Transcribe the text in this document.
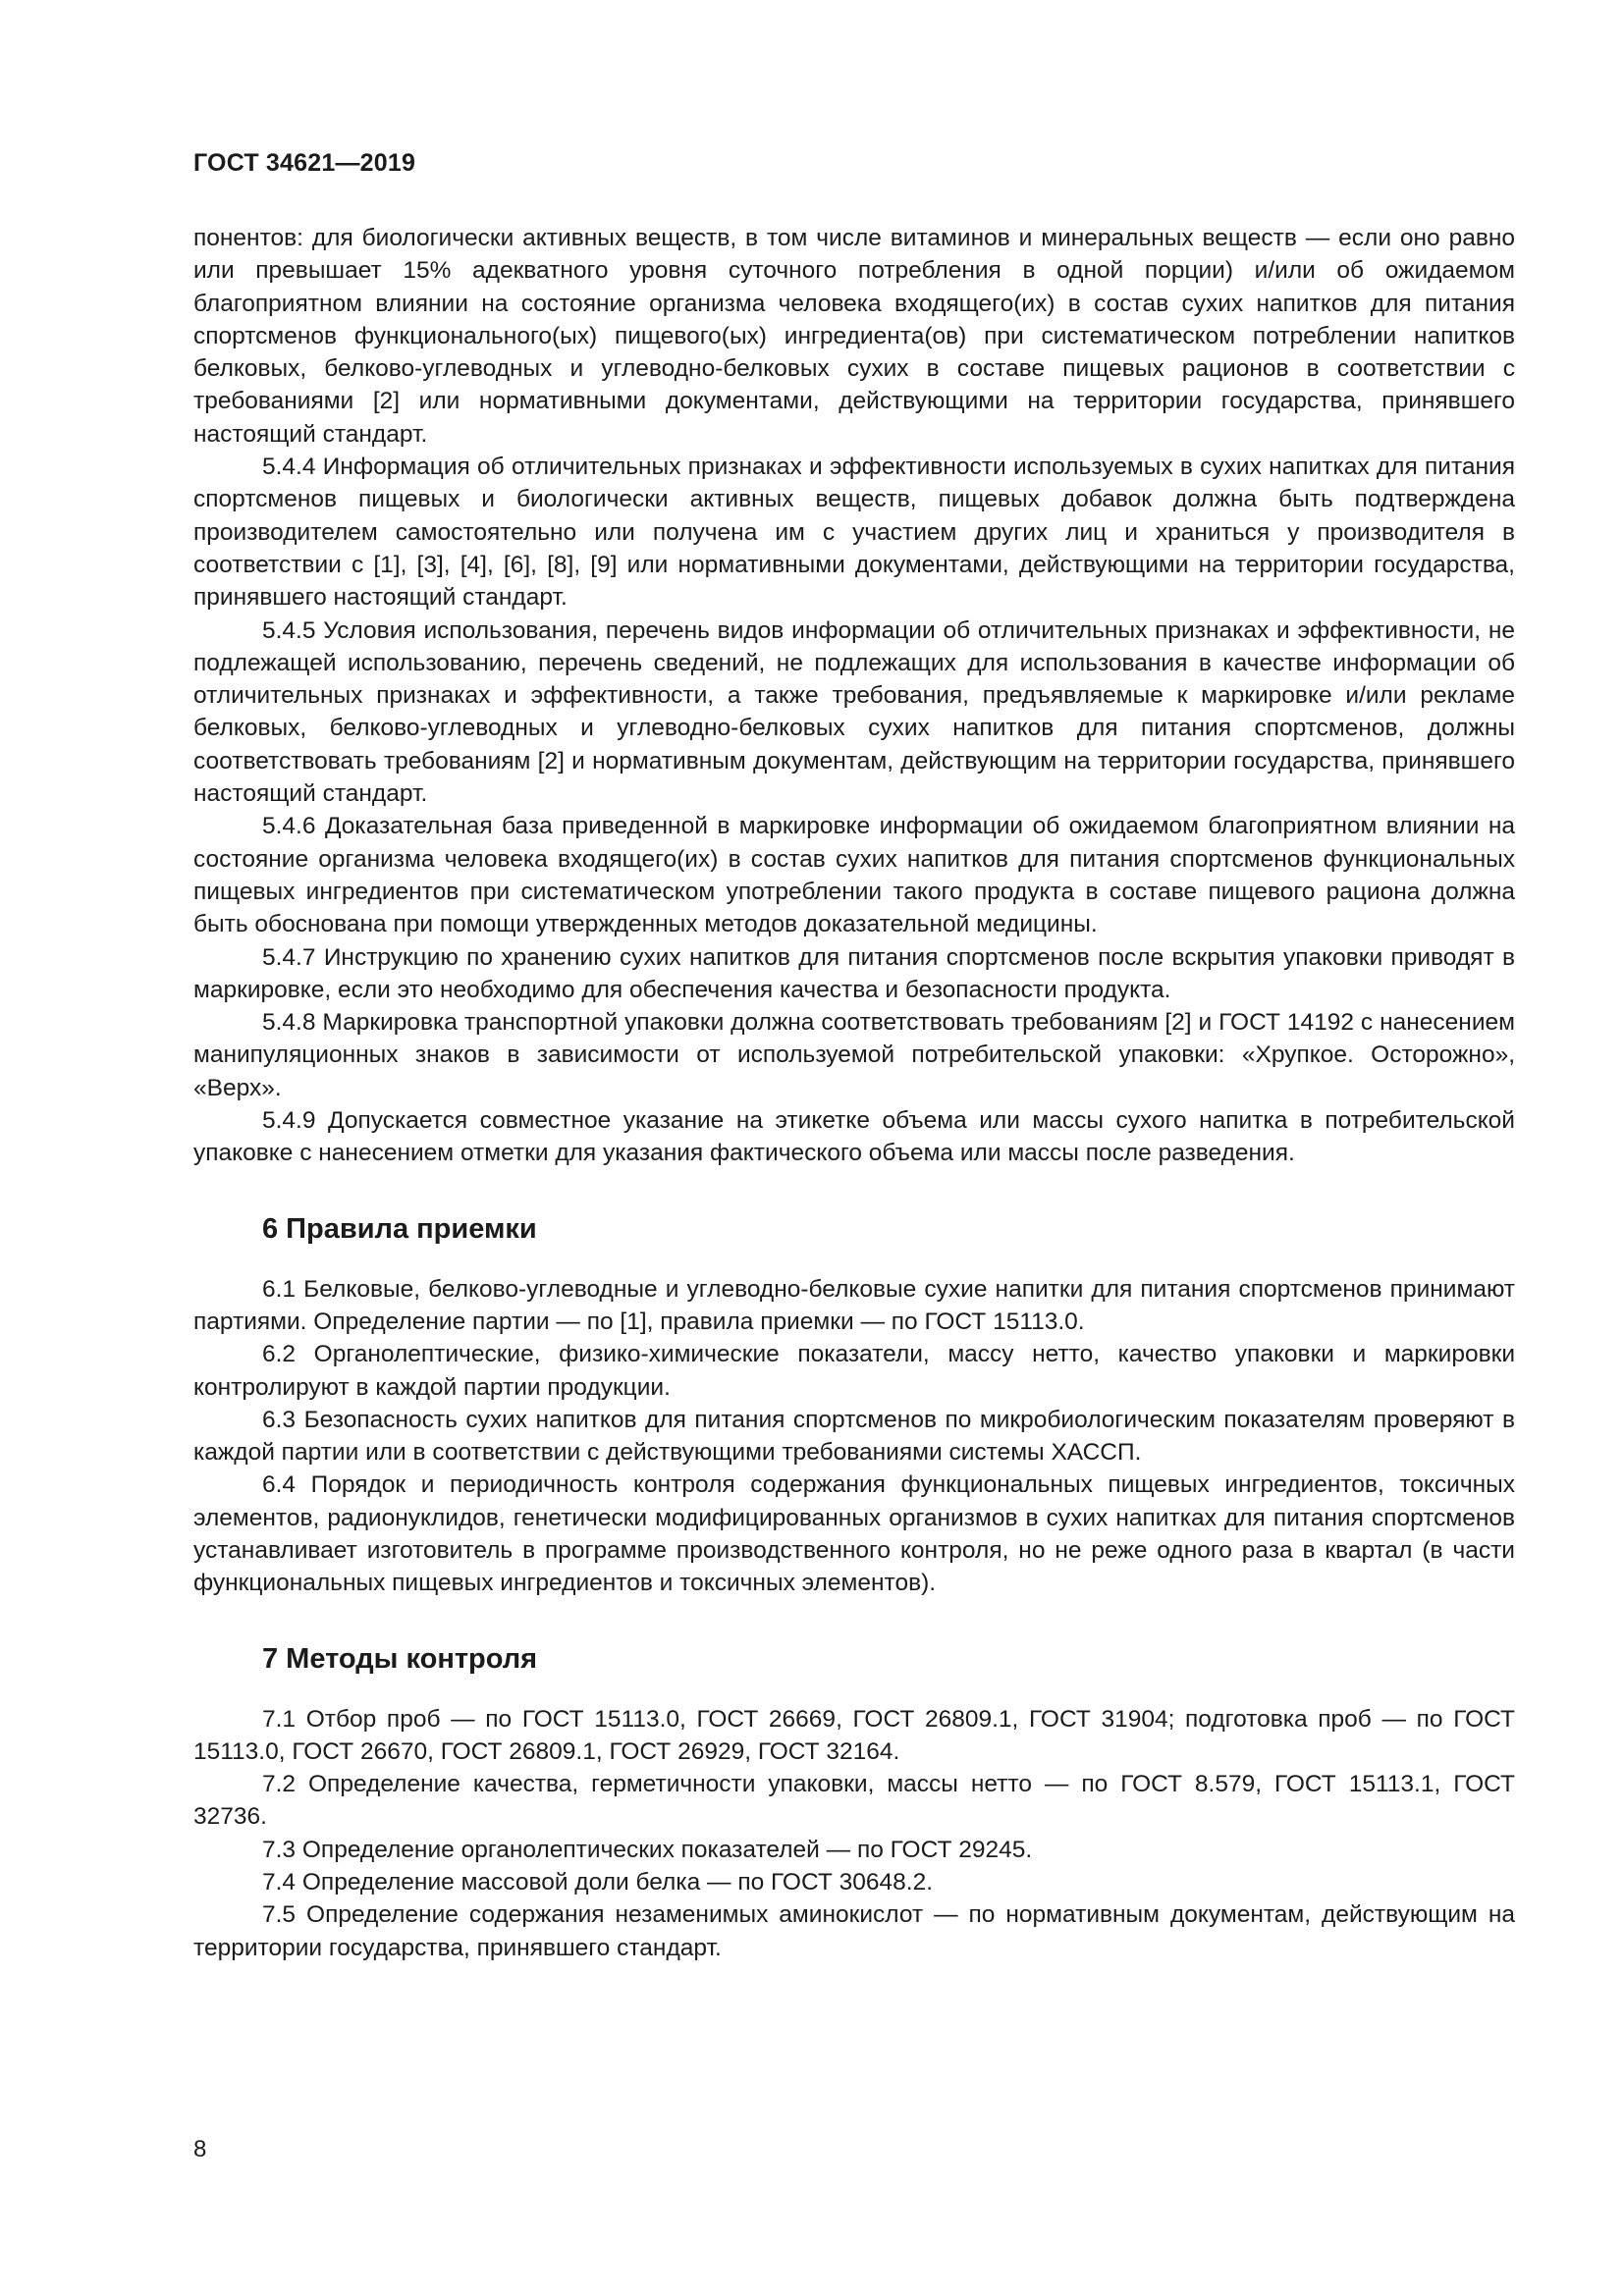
ГОСТ 34621—2019

понентов: для биологически активных веществ, в том числе витаминов и минеральных веществ — если оно равно или превышает 15% адекватного уровня суточного потребления в одной порции) и/или об ожидаемом благоприятном влиянии на состояние организма человека входящего(их) в состав сухих напитков для питания спортсменов функционального(ых) пищевого(ых) ингредиента(ов) при систематическом потреблении напитков белковых, белково-углеводных и углеводно-белковых сухих в составе пищевых рационов в соответствии с требованиями [2] или нормативными документами, действующими на территории государства, принявшего настоящий стандарт.

5.4.4 Информация об отличительных признаках и эффективности используемых в сухих напитках для питания спортсменов пищевых и биологически активных веществ, пищевых добавок должна быть подтверждена производителем самостоятельно или получена им с участием других лиц и храниться у производителя в соответствии с [1], [3], [4], [6], [8], [9] или нормативными документами, действующими на территории государства, принявшего настоящий стандарт.

5.4.5 Условия использования, перечень видов информации об отличительных признаках и эффективности, не подлежащей использованию, перечень сведений, не подлежащих для использования в качестве информации об отличительных признаках и эффективности, а также требования, предъявляемые к маркировке и/или рекламе белковых, белково-углеводных и углеводно-белковых сухих напитков для питания спортсменов, должны соответствовать требованиям [2] и нормативным документам, действующим на территории государства, принявшего настоящий стандарт.

5.4.6 Доказательная база приведенной в маркировке информации об ожидаемом благоприятном влиянии на состояние организма человека входящего(их) в состав сухих напитков для питания спортсменов функциональных пищевых ингредиентов при систематическом употреблении такого продукта в составе пищевого рациона должна быть обоснована при помощи утвержденных методов доказательной медицины.

5.4.7 Инструкцию по хранению сухих напитков для питания спортсменов после вскрытия упаковки приводят в маркировке, если это необходимо для обеспечения качества и безопасности продукта.

5.4.8 Маркировка транспортной упаковки должна соответствовать требованиям [2] и ГОСТ 14192 с нанесением манипуляционных знаков в зависимости от используемой потребительской упаковки: «Хрупкое. Осторожно», «Верх».

5.4.9 Допускается совместное указание на этикетке объема или массы сухого напитка в потребительской упаковке с нанесением отметки для указания фактического объема или массы после разведения.

6 Правила приемки

6.1 Белковые, белково-углеводные и углеводно-белковые сухие напитки для питания спортсменов принимают партиями. Определение партии — по [1], правила приемки — по ГОСТ 15113.0.

6.2 Органолептические, физико-химические показатели, массу нетто, качество упаковки и маркировки контролируют в каждой партии продукции.

6.3 Безопасность сухих напитков для питания спортсменов по микробиологическим показателям проверяют в каждой партии или в соответствии с действующими требованиями системы ХАССП.

6.4 Порядок и периодичность контроля содержания функциональных пищевых ингредиентов, токсичных элементов, радионуклидов, генетически модифицированных организмов в сухих напитках для питания спортсменов устанавливает изготовитель в программе производственного контроля, но не реже одного раза в квартал (в части функциональных пищевых ингредиентов и токсичных элементов).

7 Методы контроля

7.1 Отбор проб — по ГОСТ 15113.0, ГОСТ 26669, ГОСТ 26809.1, ГОСТ 31904; подготовка проб — по ГОСТ 15113.0, ГОСТ 26670, ГОСТ 26809.1, ГОСТ 26929, ГОСТ 32164.

7.2 Определение качества, герметичности упаковки, массы нетто — по ГОСТ 8.579, ГОСТ 15113.1, ГОСТ 32736.

7.3 Определение органолептических показателей — по ГОСТ 29245.

7.4 Определение массовой доли белка — по ГОСТ 30648.2.

7.5 Определение содержания незаменимых аминокислот — по нормативным документам, действующим на территории государства, принявшего стандарт.

8
